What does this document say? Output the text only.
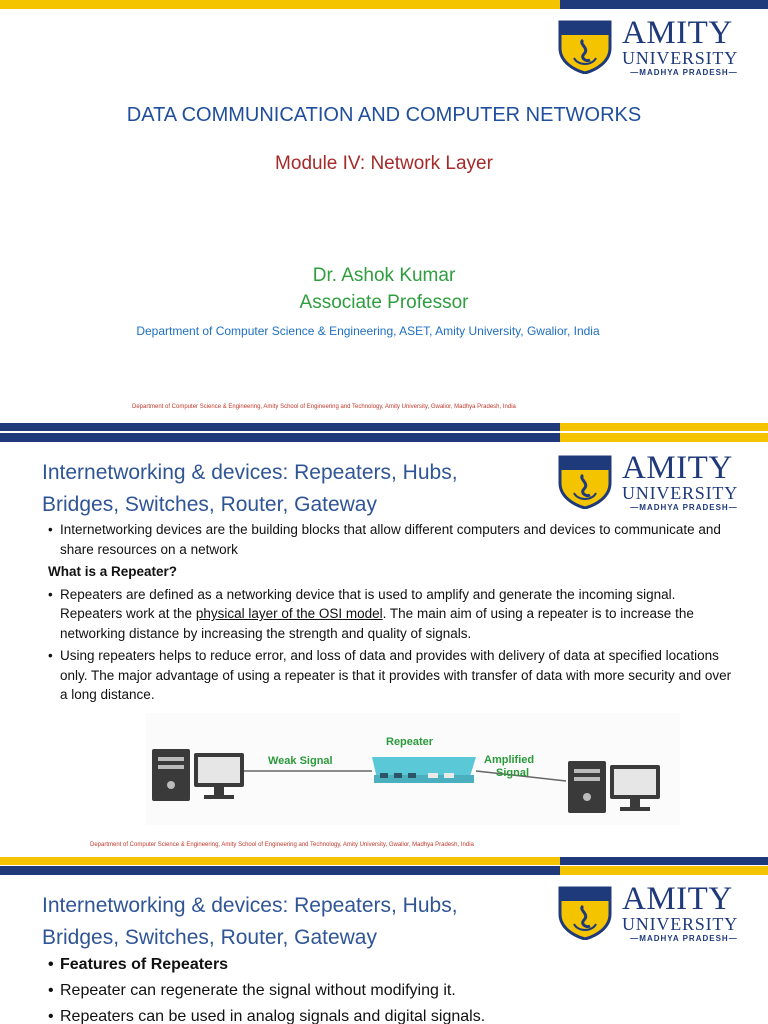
AMITY
UNIVERSITY
—MADHYA PRADESH—
DATA COMMUNICATION AND COMPUTER NETWORKS
Module IV: Network Layer
Dr. Ashok Kumar
Associate Professor
Department of Computer Science & Engineering, ASET, Amity University, Gwalior, India
Department of Computer Science & Engineering, Amity School of Engineering and Technology, Amity University, Gwalior, Madhya Pradesh, India
Internetworking & devices: Repeaters, Hubs,
Bridges, Switches, Router, Gateway
AMITY
UNIVERSITY
—MADHYA PRADESH—
• Internetworking devices are the building blocks that allow different computers and devices to communicate and share resources on a network
What is a Repeater?
• Repeaters are defined as a networking device that is used to amplify and generate the incoming signal. Repeaters work at the physical layer of the OSI model. The main aim of using a repeater is to increase the networking distance by increasing the strength and quality of signals.
• Using repeaters helps to reduce error, and loss of data and provides with delivery of data at specified locations only. The major advantage of using a repeater is that it provides with transfer of data with more security and over a long distance.
Weak Signal
Repeater
Amplified
Signal
Department of Computer Science & Engineering, Amity School of Engineering and Technology, Amity University, Gwalior, Madhya Pradesh, India
Internetworking & devices: Repeaters, Hubs,
Bridges, Switches, Router, Gateway
AMITY
UNIVERSITY
—MADHYA PRADESH—
• Features of Repeaters
• Repeater can regenerate the signal without modifying it.
• Repeaters can be used in analog signals and digital signals.
